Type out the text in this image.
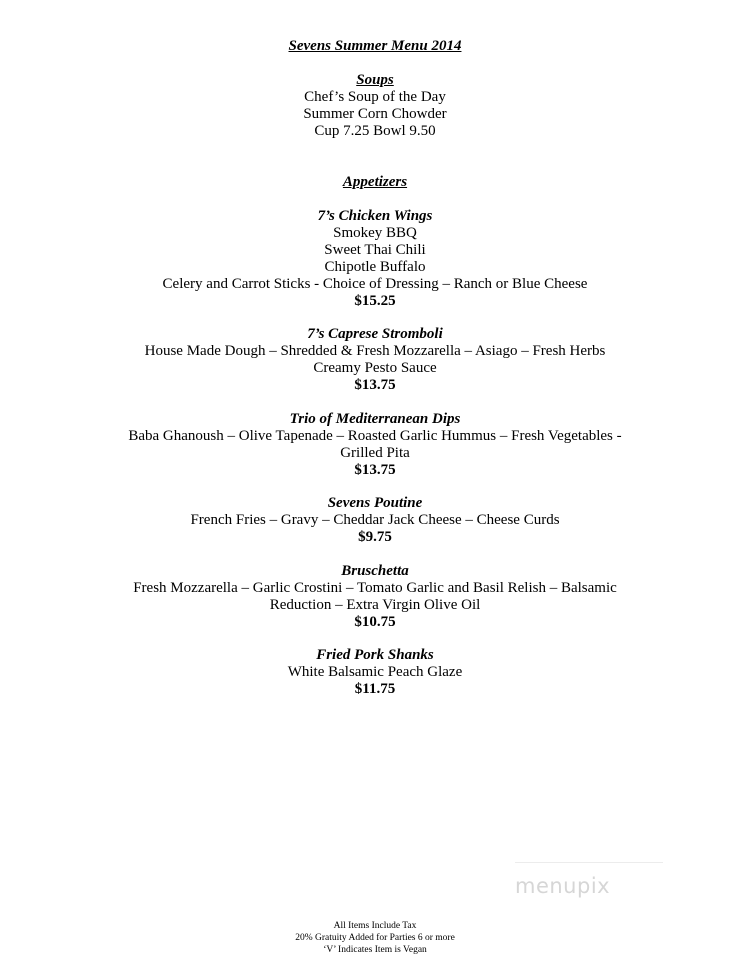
Sevens Summer Menu 2014
Soups
Chef’s Soup of the Day
Summer Corn Chowder
Cup 7.25 Bowl 9.50
Appetizers
7’s Chicken Wings
Smokey BBQ
Sweet Thai Chili
Chipotle Buffalo
Celery and Carrot Sticks - Choice of Dressing – Ranch or Blue Cheese
$15.25
7’s Caprese Stromboli
House Made Dough – Shredded & Fresh Mozzarella – Asiago – Fresh Herbs
Creamy Pesto Sauce
$13.75
Trio of Mediterranean Dips
Baba Ghanoush – Olive Tapenade – Roasted Garlic Hummus – Fresh Vegetables -
Grilled Pita
$13.75
Sevens Poutine
French Fries – Gravy – Cheddar Jack Cheese – Cheese Curds
$9.75
Bruschetta
Fresh Mozzarella – Garlic Crostini – Tomato Garlic and Basil Relish – Balsamic
Reduction – Extra Virgin Olive Oil
$10.75
Fried Pork Shanks
White Balsamic Peach Glaze
$11.75
menupix
All Items Include Tax
20% Gratuity Added for Parties 6 or more
‘V’ Indicates Item is Vegan
